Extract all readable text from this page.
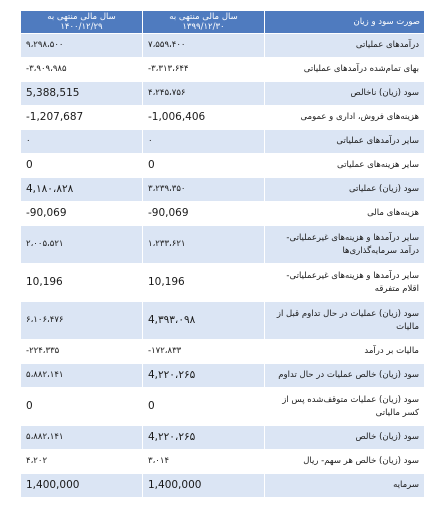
صورت سود و زیان	سال مالی منتهی به ۱۳۹۹/۱۲/۳۰	سال مالی منتهی به ۱۴۰۰/۱۲/۲۹
درآمدهای عملیاتی	۷،۵۵۹،۴۰۰	۹،۲۹۸،۵۰۰
بهای تمام‌شده درآمدهای عملیاتی	-۳،۳۱۳،۶۴۴	-۳،۹۰۹،۹۸۵
سود (زیان) ناخالص	۴،۲۴۵،۷۵۶	5,388,515
هزینه‌های فروش، اداری و عمومی	-1,006,406	-1,207,687
سایر درآمدهای عملیاتی	۰	۰
سایر هزینه‌های عملیاتی	0	0
سود (زیان) عملیاتی	۳،۲۳۹،۳۵۰	4,۱۸۰،۸۲۸
هزینه‌های مالی	-90,069	-90,069
سایر درآمدها و هزینه‌های غیرعملیاتی- درآمد سرمایه‌گذاری‌ها	۱،۲۳۳،۶۲۱	۲،۰۰۵،۵۲۱
سایر درآمدها و هزینه‌های غیرعملیاتی- اقلام متفرقه	10,196	10,196
سود (زیان) عملیات در حال تداوم قبل از مالیات	4,۳۹۳،۰۹۸	۶،۱۰۶،۴۷۶
مالیات بر درآمد	-۱۷۲،۸۳۳	-۲۲۴،۳۳۵
سود (زیان) خالص عملیات در حال تداوم	4,۲۲۰،۲۶۵	۵،۸۸۲،۱۴۱
سود (زیان) عملیات متوقف‌شده پس از کسر مالیاتی	0	0
سود (زیان) خالص	4,۲۲۰،۲۶۵	۵،۸۸۲،۱۴۱
سود (زیان) خالص هر سهم- ریال	۳،۰۱۴	۴،۲۰۲
سرمایه	1,400,000	1,400,000
